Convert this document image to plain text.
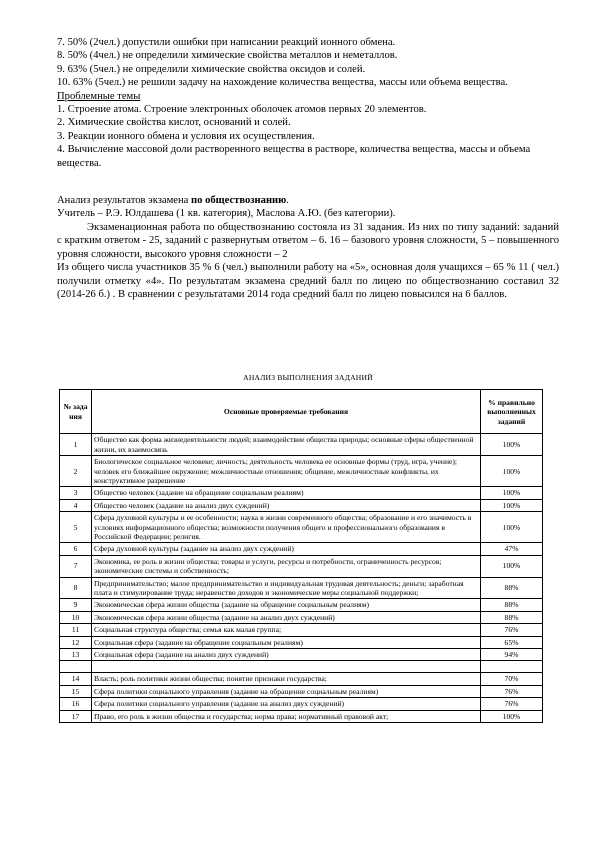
7. 50% (2чел.) допустили ошибки при написании реакций ионного обмена.

8. 50% (4чел.) не определили химические свойства металлов и неметаллов.

9. 63% (5чел.) не определили химические свойства оксидов и солей.

10. 63% (5чел.) не решили задачу на нахождение количества вещества, массы или объема вещества.

Проблемные темы

1. Строение атома. Строение электронных оболочек атомов первых 20 элементов.

2. Химические свойства кислот, оснований и солей.

3. Реакции ионного обмена и условия их осуществления.

4. Вычисление массовой доли растворенного вещества в растворе, количества вещества, массы и объема вещества.

Анализ результатов экзамена по обществознанию.

Учитель – Р.Э. Юлдашева (1 кв. категория), Маслова А.Ю. (без категории).

Экзаменационная работа по обществознанию состояла из 31 задания. Из них по типу заданий: заданий с кратким ответом - 25, заданий с развернутым ответом – 6. 16 – базового уровня сложности, 5 – повышенного уровня сложности, высокого уровня сложности – 2

Из общего числа участников 35 % 6 (чел.) выполнили работу на «5», основная доля учащихся – 65 % 11 ( чел.) получили отметку «4». По результатам экзамена средний балл по лицею по обществознанию составил 32 (2014-26 б.) . В сравнении с результатами 2014 года средний балл по лицею повысился на 6 баллов.

АНАЛИЗ ВЫПОЛНЕНИЯ ЗАДАНИЙ
№ зада ния	Основные проверяемые требования	% правильно выполненных заданий
1	Общество как форма жизнедеятельности людей; взаимодействие общества природы; основные сферы общественной жизни, их взаимосвязь	100%
2	Биологическое социальное человеке; личность; деятельность человека ее основные формы (труд, игра, учение); человек его ближайшее окружение; межличностные отношения; общение, межличностные конфликты, их конструктивное разрешение	100%
3	Общество человек (задание на обращение социальным реалиям)	100%
4	Общество человек (задание на анализ двух суждений)	100%
5	Сфера духовной культуры и ее особенности; наука в жизни современного общества; образование и его значимость в условиях информационного общества; возможности получения общего и профессионального образования в Российской Федерации; религия.	100%
6	Сфера духовной культуры (задание на анализ двух суждений)	47%
7	Экономика, ее роль в жизни общества; товары и услуги, ресурсы и потребности, ограниченность ресурсов; экономические системы и собственность;	100%
8	Предпринимательство; малое предпринимательство и индивидуальная трудовая деятельность; деньги; заработная плата и стимулирование труда; неравенство доходов и экономические меры социальной поддержки;	88%
9	Экономическая сфера жизни общества (задание на обращение социальным реалиям)	88%
10	Экономическая сфера жизни общества (задание на анализ двух суждений)	88%
11	Социальная структура общества; семья как малая группа;	76%
12	Социальная сфера (задание на обращение социальным реалиям)	65%
13	Социальная сфера (задание на анализ двух суждений)	94%

14	Власть; роль политики жизни общества; понятие признаки государства;	70%
15	Сфера политики социального управления (задание на обращение социальным реалиям)	76%
16	Сфера политики социального управления (задание на анализ двух суждений)	76%
17	Право, его роль в жизни общества и государства; норма права; нормативный правовой акт;	100%
